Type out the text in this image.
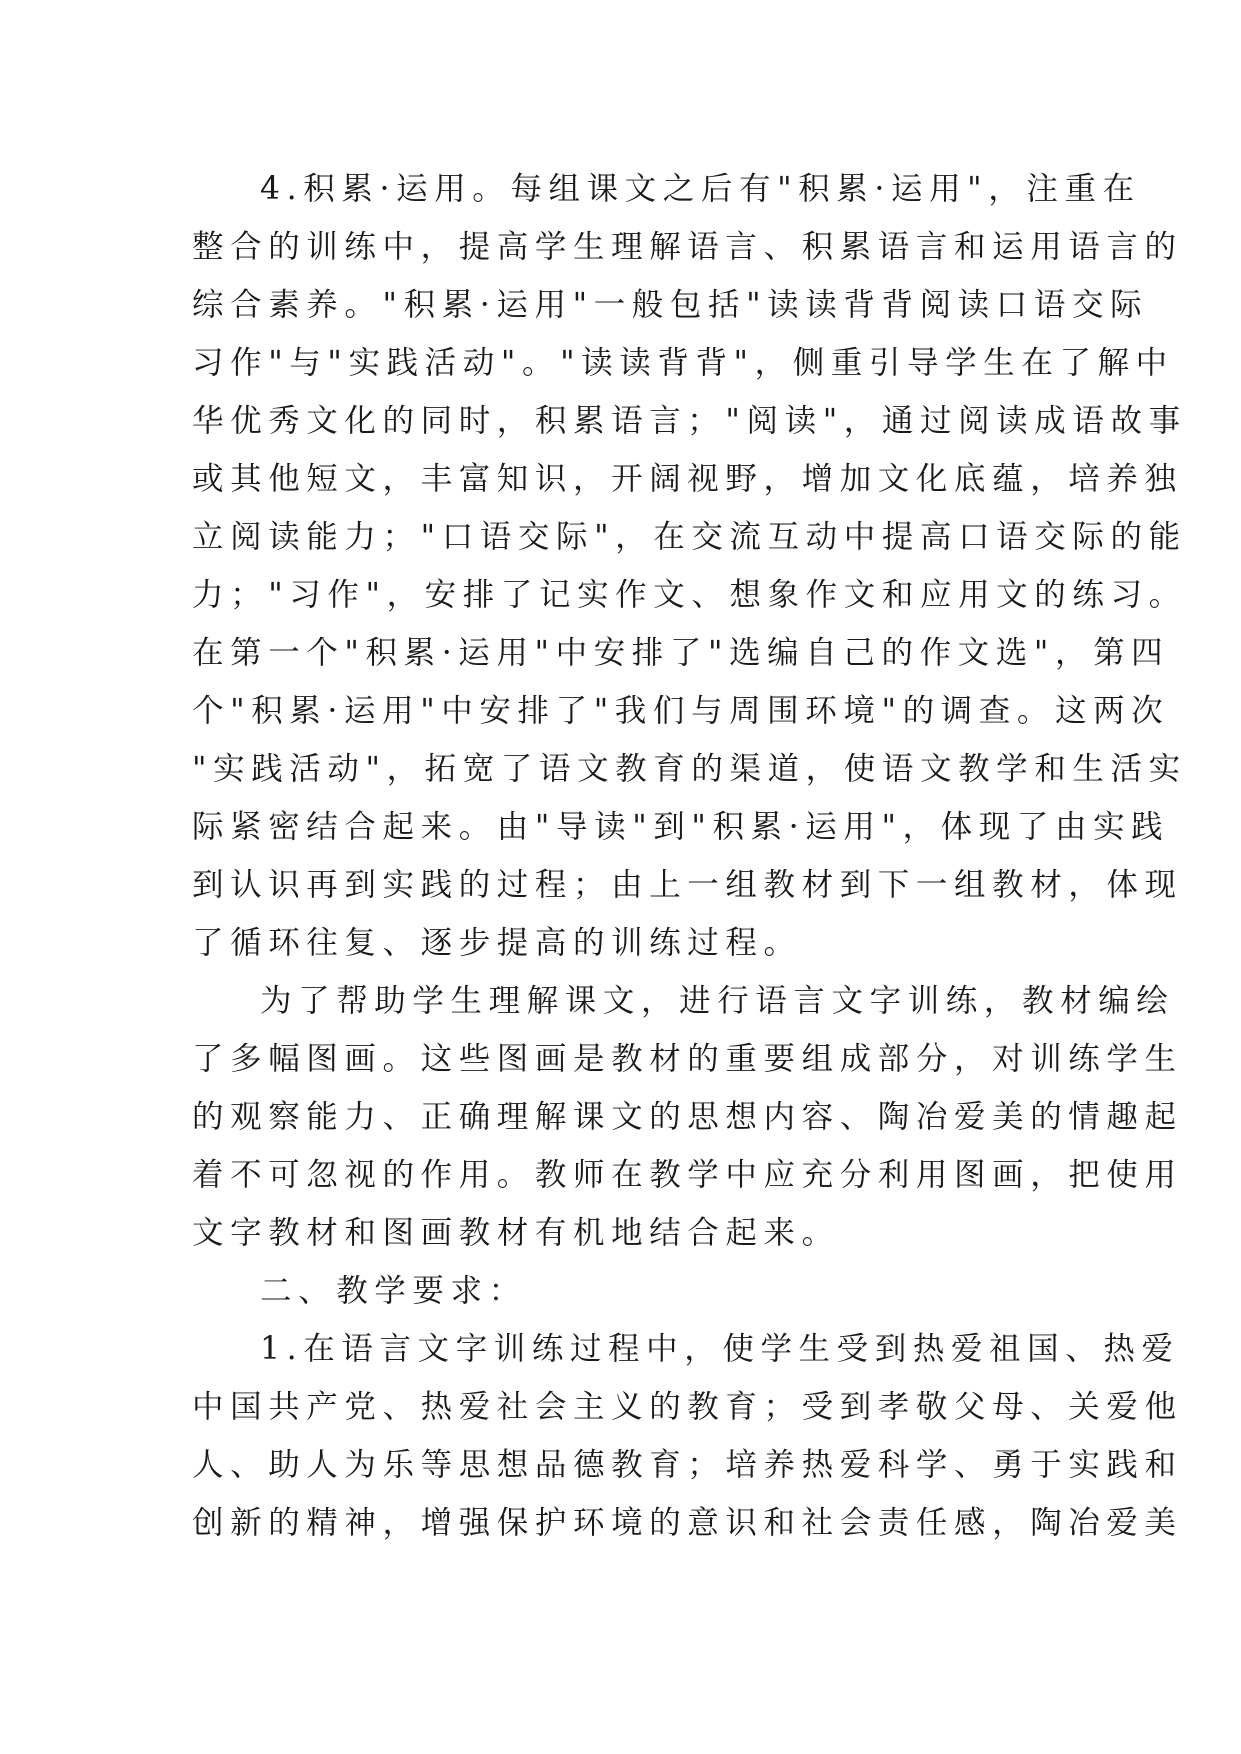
4.积累·运用。每组课文之后有"积累·运用"，注重在
整合的训练中，提高学生理解语言、积累语言和运用语言的
综合素养。"积累·运用"一般包括"读读背背阅读口语交际
习作"与"实践活动"。"读读背背"，侧重引导学生在了解中
华优秀文化的同时，积累语言；"阅读"，通过阅读成语故事
或其他短文，丰富知识，开阔视野，增加文化底蕴，培养独
立阅读能力；"口语交际"，在交流互动中提高口语交际的能
力；"习作"，安排了记实作文、想象作文和应用文的练习。
在第一个"积累·运用"中安排了"选编自己的作文选"，第四
个"积累·运用"中安排了"我们与周围环境"的调查。这两次
"实践活动"，拓宽了语文教育的渠道，使语文教学和生活实
际紧密结合起来。由"导读"到"积累·运用"，体现了由实践
到认识再到实践的过程；由上一组教材到下一组教材，体现
了循环往复、逐步提高的训练过程。
为了帮助学生理解课文，进行语言文字训练，教材编绘
了多幅图画。这些图画是教材的重要组成部分，对训练学生
的观察能力、正确理解课文的思想内容、陶冶爱美的情趣起
着不可忽视的作用。教师在教学中应充分利用图画，把使用
文字教材和图画教材有机地结合起来。
二、教学要求：
1.在语言文字训练过程中，使学生受到热爱祖国、热爱
中国共产党、热爱社会主义的教育；受到孝敬父母、关爱他
人、助人为乐等思想品德教育；培养热爱科学、勇于实践和
创新的精神，增强保护环境的意识和社会责任感，陶冶爱美
